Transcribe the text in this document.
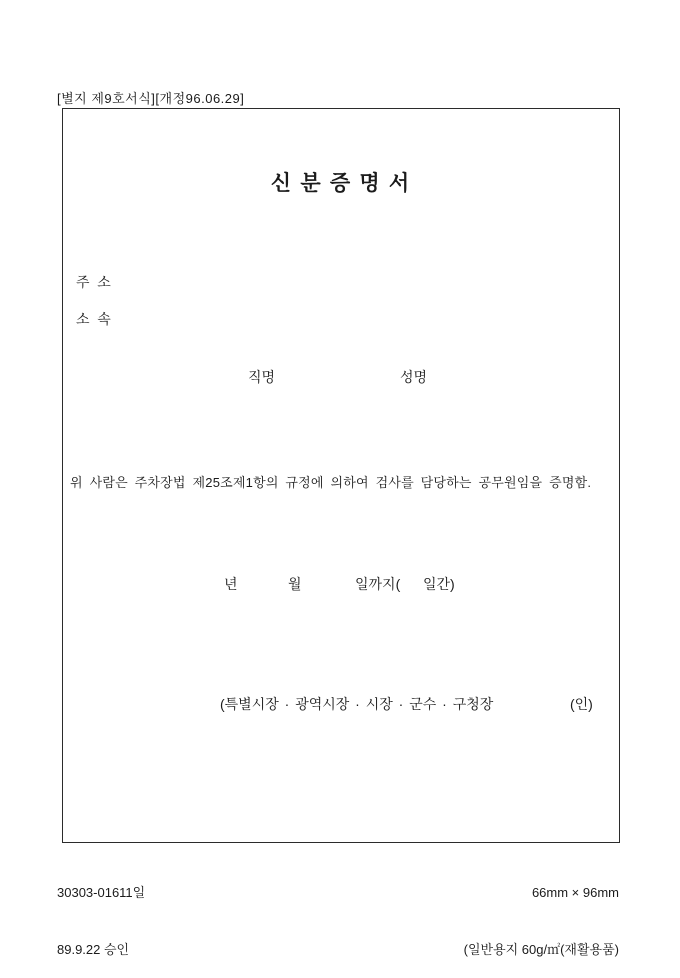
[별지 제9호서식][개정96.06.29]
신 분 증 명 서
주  소
소  속
직명	성명
위 사람은 주차장법 제25조제1항의 규정에 의하여 검사를 담당하는 공무원임을 증명함.
년	월	일까지( 일간)
(특별시장 · 광역시장 · 시장 · 군수 · 구청장	(인)

30303-01611일

89.9.22 승인

66mm × 96mm

(일반용지 60g/㎡(재활용품)
